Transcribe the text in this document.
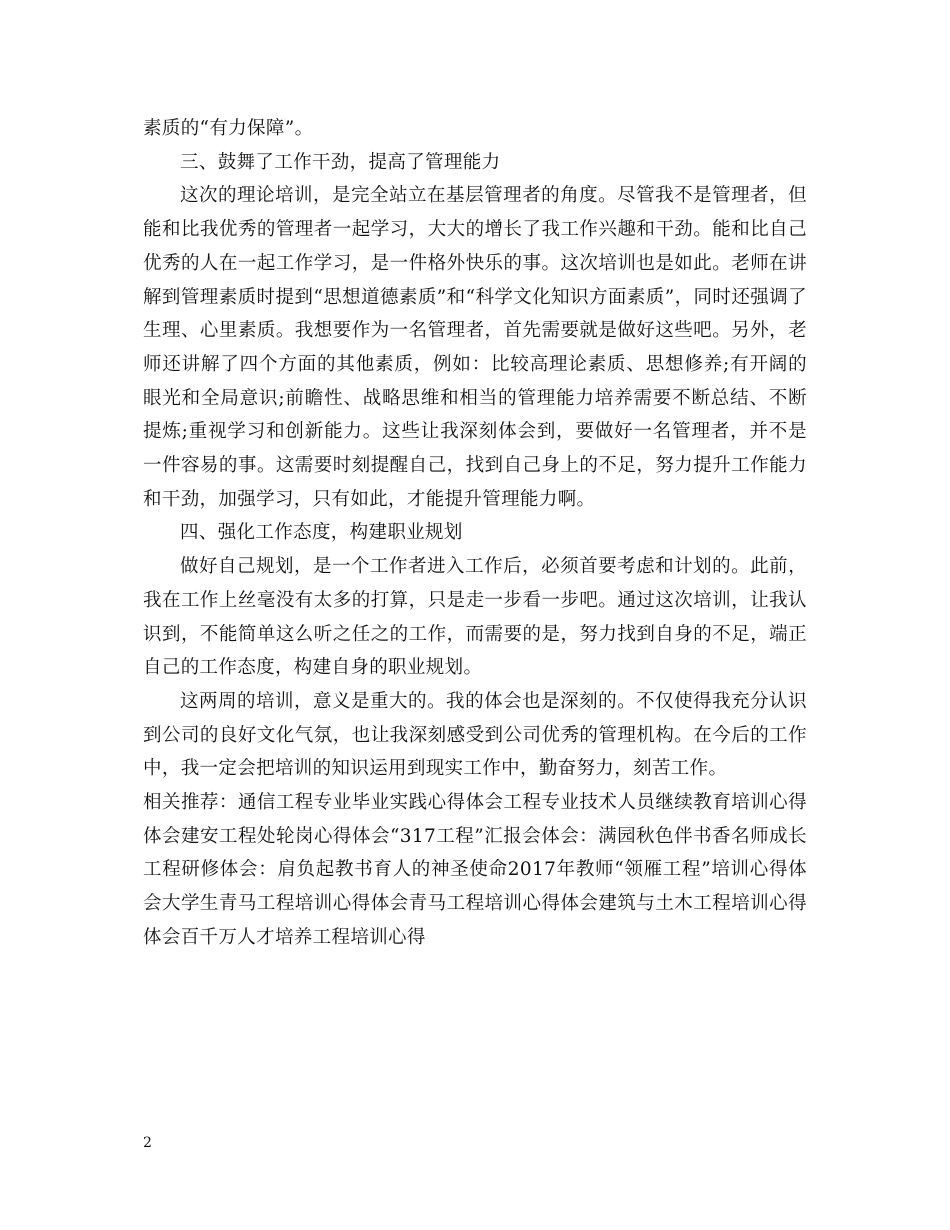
素质的“有力保障”。

三、鼓舞了工作干劲，提高了管理能力

这次的理论培训，是完全站立在基层管理者的角度。尽管我不是管理者，但能和比我优秀的管理者一起学习，大大的增长了我工作兴趣和干劲。能和比自己优秀的人在一起工作学习，是一件格外快乐的事。这次培训也是如此。老师在讲解到管理素质时提到“思想道德素质”和“科学文化知识方面素质”，同时还强调了生理、心里素质。我想要作为一名管理者，首先需要就是做好这些吧。另外，老师还讲解了四个方面的其他素质，例如：比较高理论素质、思想修养;有开阔的眼光和全局意识;前瞻性、战略思维和相当的管理能力培养需要不断总结、不断提炼;重视学习和创新能力。这些让我深刻体会到，要做好一名管理者，并不是一件容易的事。这需要时刻提醒自己，找到自己身上的不足，努力提升工作能力和干劲，加强学习，只有如此，才能提升管理能力啊。

四、强化工作态度，构建职业规划

做好自己规划，是一个工作者进入工作后，必须首要考虑和计划的。此前，我在工作上丝毫没有太多的打算，只是走一步看一步吧。通过这次培训，让我认识到，不能简单这么听之任之的工作，而需要的是，努力找到自身的不足，端正自己的工作态度，构建自身的职业规划。

这两周的培训，意义是重大的。我的体会也是深刻的。不仅使得我充分认识到公司的良好文化气氛，也让我深刻感受到公司优秀的管理机构。在今后的工作中，我一定会把培训的知识运用到现实工作中，勤奋努力，刻苦工作。

相关推荐：通信工程专业毕业实践心得体会工程专业技术人员继续教育培训心得体会建安工程处轮岗心得体会“317工程”汇报会体会：满园秋色伴书香名师成长工程研修体会：肩负起教书育人的神圣使命2017年教师“领雁工程”培训心得体会大学生青马工程培训心得体会青马工程培训心得体会建筑与土木工程培训心得体会百千万人才培养工程培训心得

2
